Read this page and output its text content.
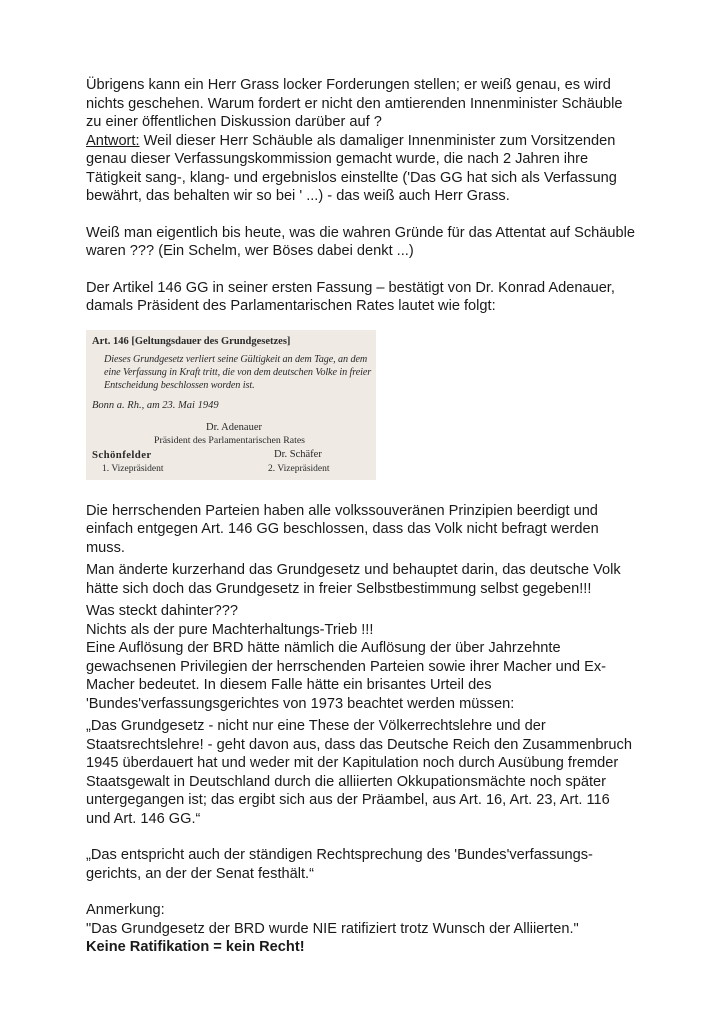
Übrigens kann ein Herr Grass locker Forderungen stellen; er weiß genau, es wird

nichts geschehen. Warum fordert er nicht den amtierenden Innenminister Schäuble

zu einer öffentlichen Diskussion darüber auf ?

Antwort: Weil dieser Herr Schäuble als damaliger Innenminister zum Vorsitzenden

genau dieser Verfassungskommission gemacht wurde, die nach 2 Jahren ihre

Tätigkeit sang-, klang- und ergebnislos einstellte ('Das GG hat sich als Verfassung

bewährt, das behalten wir so bei ' ...) - das weiß auch Herr Grass.

Weiß man eigentlich bis heute, was die wahren Gründe für das Attentat auf Schäuble

waren ??? (Ein Schelm, wer Böses dabei denkt ...)

Der Artikel 146 GG in seiner ersten Fassung – bestätigt von Dr. Konrad Adenauer,

damals Präsident des Parlamentarischen Rates lautet wie folgt:

Art. 146 [Geltungsdauer des Grundgesetzes]
Dieses Grundgesetz verliert seine Gültigkeit an dem Tage, an dem
eine Verfassung in Kraft tritt, die von dem deutschen Volke in freier
Entscheidung beschlossen worden ist.
Bonn a. Rh., am 23. Mai 1949
Dr. Adenauer
Präsident des Parlamentarischen Rates
Schönfelder	Dr. Schäfer
1. Vizepräsident	2. Vizepräsident

Die herrschenden Parteien haben alle volkssouveränen Prinzipien beerdigt und

einfach entgegen Art. 146 GG beschlossen, dass das Volk nicht befragt werden

muss.

Man änderte kurzerhand das Grundgesetz und behauptet darin, das deutsche Volk

hätte sich doch das Grundgesetz in freier Selbstbestimmung selbst gegeben!!!

Was steckt dahinter???

Nichts als der pure Machterhaltungs-Trieb !!!

Eine Auflösung der BRD hätte nämlich die Auflösung der über Jahrzehnte

gewachsenen Privilegien der herrschenden Parteien sowie ihrer Macher und Ex-

Macher bedeutet. In diesem Falle hätte ein brisantes Urteil des

'Bundes'verfassungsgerichtes von 1973 beachtet werden müssen:

„Das Grundgesetz - nicht nur eine These der Völkerrechtslehre und der

Staatsrechtslehre! - geht davon aus, dass das Deutsche Reich den Zusammenbruch

1945 überdauert hat und weder mit der Kapitulation noch durch Ausübung fremder

Staatsgewalt in Deutschland durch die alliierten Okkupationsmächte noch später

untergegangen ist; das ergibt sich aus der Präambel, aus Art. 16, Art. 23, Art. 116

und Art. 146 GG.“

„Das entspricht auch der ständigen Rechtsprechung des 'Bundes'verfassungs-

gerichts, an der der Senat festhält.“

Anmerkung:

"Das Grundgesetz der BRD wurde NIE ratifiziert trotz Wunsch der Alliierten."

Keine Ratifikation = kein Recht!
